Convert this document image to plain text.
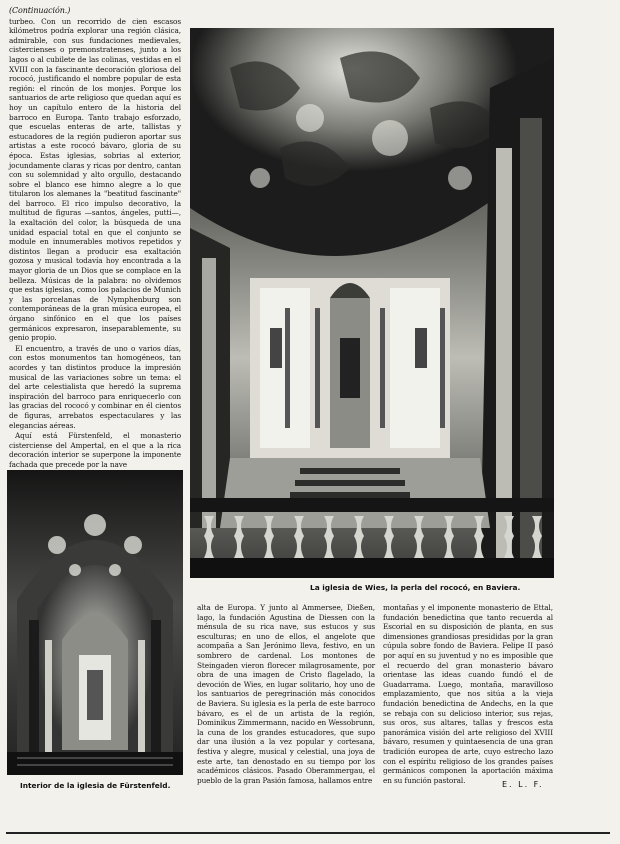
(Continuación.)

turbeo. Con un recorrido de cien escasos kilómetros podría explorar una región clásica, admirable, con sus fundaciones medievales, cistercienses o premonstratenses, junto a los lagos o al cubilete de las colinas, vestidas en el XVIII con la fascinante decoración gloriosa del rococó, justificando el nombre popular de esta región: el rincón de los monjes. Porque los santuarios de arte religioso que quedan aquí es hoy un capítulo entero de la historia del barroco en Europa. Tanto trabajo esforzado, que escuelas enteras de arte, tallistas y estucadores de la región pudieron aportar sus artistas a este rococó bávaro, gloria de su época. Estas iglesias, sobrias al exterior, jocundamente claras y ricas por dentro, cantan con su solemnidad y alto orgullo, destacando sobre el blanco ese himno alegre a lo que titularon los alemanes la "beatitud fascinante" del barroco. El rico impulso decorativo, la multitud de figuras —santos, ángeles, putti—, la exaltación del color, la búsqueda de una unidad espacial total en que el conjunto se module en innumerables motivos repetidos y distintos llegan a producir esa exaltación gozosa y musical todavía hoy encontrada a la mayor gloria de un Dios que se complace en la belleza. Músicas de la palabra: no olvidemos que estas iglesias, como los palacios de Munich y las porcelanas de Nymphenburg son contemporáneas de la gran música europea, el órgano sinfónico en el que los países germánicos expresaron, inseparablemente, su genio propio.

El encuentro, a través de uno o varios días, con estos monumentos tan homogéneos, tan acordes y tan distintos produce la impresión musical de las variaciones sobre un tema: el del arte celestialista que heredó la suprema inspiración del barroco para enriquecerlo con las gracias del rococó y combinar en él cientos de figuras, arrebatos espectaculares y las elegancias aéreas.

Aquí está Fürstenfeld, el monasterio cisterciense del Ampertal, en el que a la rica decoración interior se superpone la imponente fachada que precede por la nave

Interior de la iglesia de Fürstenfeld.
La iglesia de Wies, la perla del rococó, en Baviera.

alta de Europa. Y junto al Ammersee, Dießen, lago, la fundación Agustina de Diessen con la ménsula de su rica nave, sus estucos y sus esculturas; en uno de ellos, el angelote que acompaña a San Jerónimo lleva, festivo, en un sombrero de cardenal. Los montones de Steingaden vieron florecer milagrosamente, por obra de una imagen de Cristo flagelado, la devoción de Wies, en lugar solitario, hoy uno de los santuarios de peregrinación más conocidos de Baviera. Su iglesia es la perla de este barroco bávaro, es el de un artista de la región, Dominikus Zimmermann, nacido en Wessobrunn, la cuna de los grandes estucadores, que supo dar una ilusión a la vez popular y cortesana, festiva y alegre, musical y celestial, una joya de este arte, tan denostado en su tiempo por los académicos clásicos. Pasado Oberammergau, el pueblo de la gran Pasión famosa, hallamos entre

montañas y el imponente monasterio de Ettal, fundación benedictina que tanto recuerda al Escorial en su disposición de planta, en sus dimensiones grandiosas presididas por la gran cúpula sobre fondo de Baviera. Felipe II pasó por aquí en su juventud y no es imposible que el recuerdo del gran monasterio bávaro orientase las ideas cuando fundó el de Guadarrama. Luego, montaña, maravilloso emplazamiento, que nos sitúa a la vieja fundación benedictina de Andechs, en la que se rebaja con su delicioso interior, sus rejas, sus oros, sus altares, tallas y frescos esta panorámica visión del arte religioso del XVIII bávaro, resumen y quintaesencia de una gran tradición europea de arte, cuyo estrecho lazo con el espíritu religioso de los grandes países germánicos componen la aportación máxima en su función pastoral.	E. L. F.
